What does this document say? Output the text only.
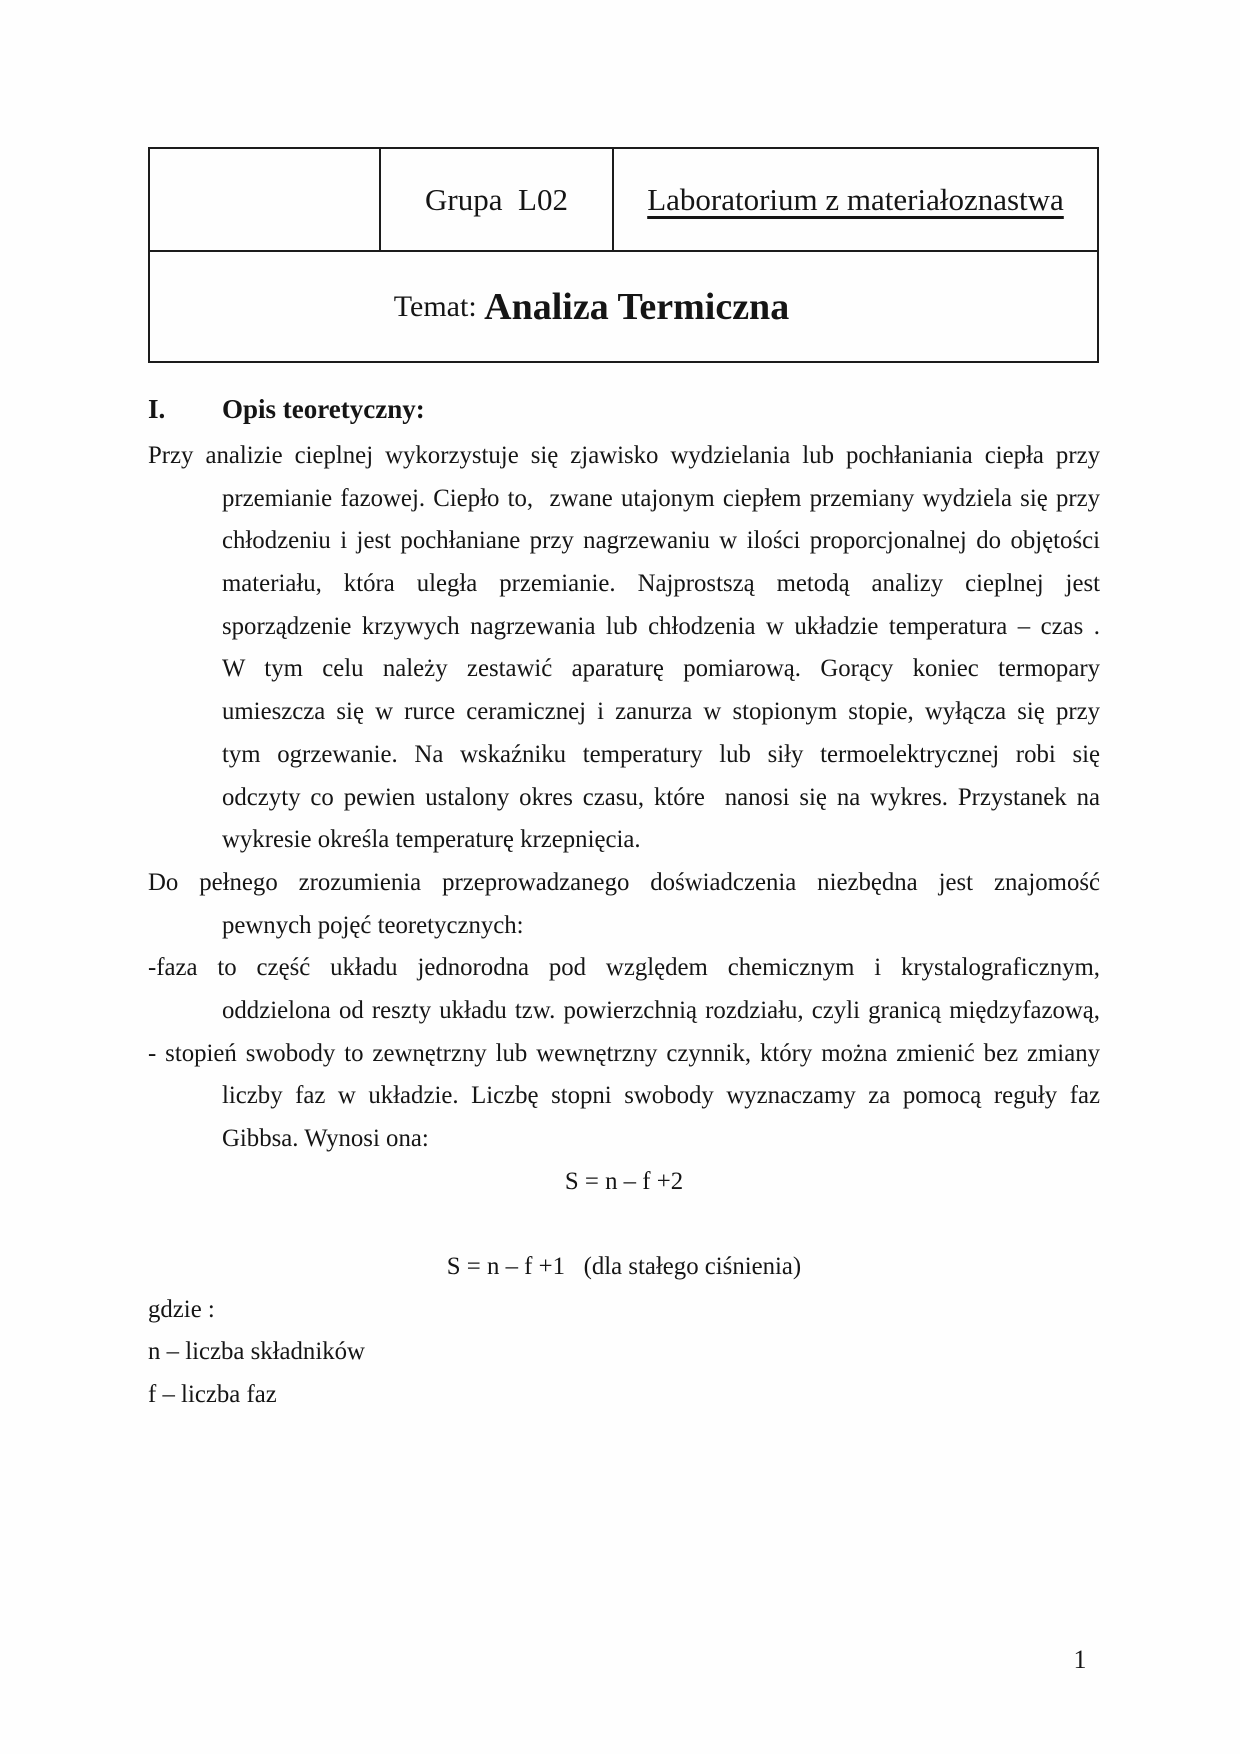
Grupa  L02	Laboratorium z materiałoznastwa
Temat: Analiza Termiczna
I. Opis teoretyczny:
Przy analizie cieplnej wykorzystuje się zjawisko wydzielania lub pochłaniania ciepła przy
przemianie fazowej. Ciepło to,  zwane utajonym ciepłem przemiany wydziela się przy
chłodzeniu i jest pochłaniane przy nagrzewaniu w ilości proporcjonalnej do objętości
materiału, która uległa przemianie. Najprostszą metodą analizy cieplnej jest
sporządzenie krzywych nagrzewania lub chłodzenia w układzie temperatura – czas .
W tym celu należy zestawić aparaturę pomiarową. Gorący koniec termopary
umieszcza się w rurce ceramicznej i zanurza w stopionym stopie, wyłącza się przy
tym ogrzewanie. Na wskaźniku temperatury lub siły termoelektrycznej robi się
odczyty co pewien ustalony okres czasu, które  nanosi się na wykres. Przystanek na
wykresie określa temperaturę krzepnięcia.
Do pełnego zrozumienia przeprowadzanego doświadczenia niezbędna jest znajomość
pewnych pojęć teoretycznych:
-faza to część układu jednorodna pod względem chemicznym i krystalograficznym,
oddzielona od reszty układu tzw. powierzchnią rozdziału, czyli granicą międzyfazową,
- stopień swobody to zewnętrzny lub wewnętrzny czynnik, który można zmienić bez zmiany
liczby faz w układzie. Liczbę stopni swobody wyznaczamy za pomocą reguły faz
Gibbsa. Wynosi ona:
S = n – f +2
S = n – f +1   (dla stałego ciśnienia)
gdzie :
n – liczba składników
f – liczba faz
1
